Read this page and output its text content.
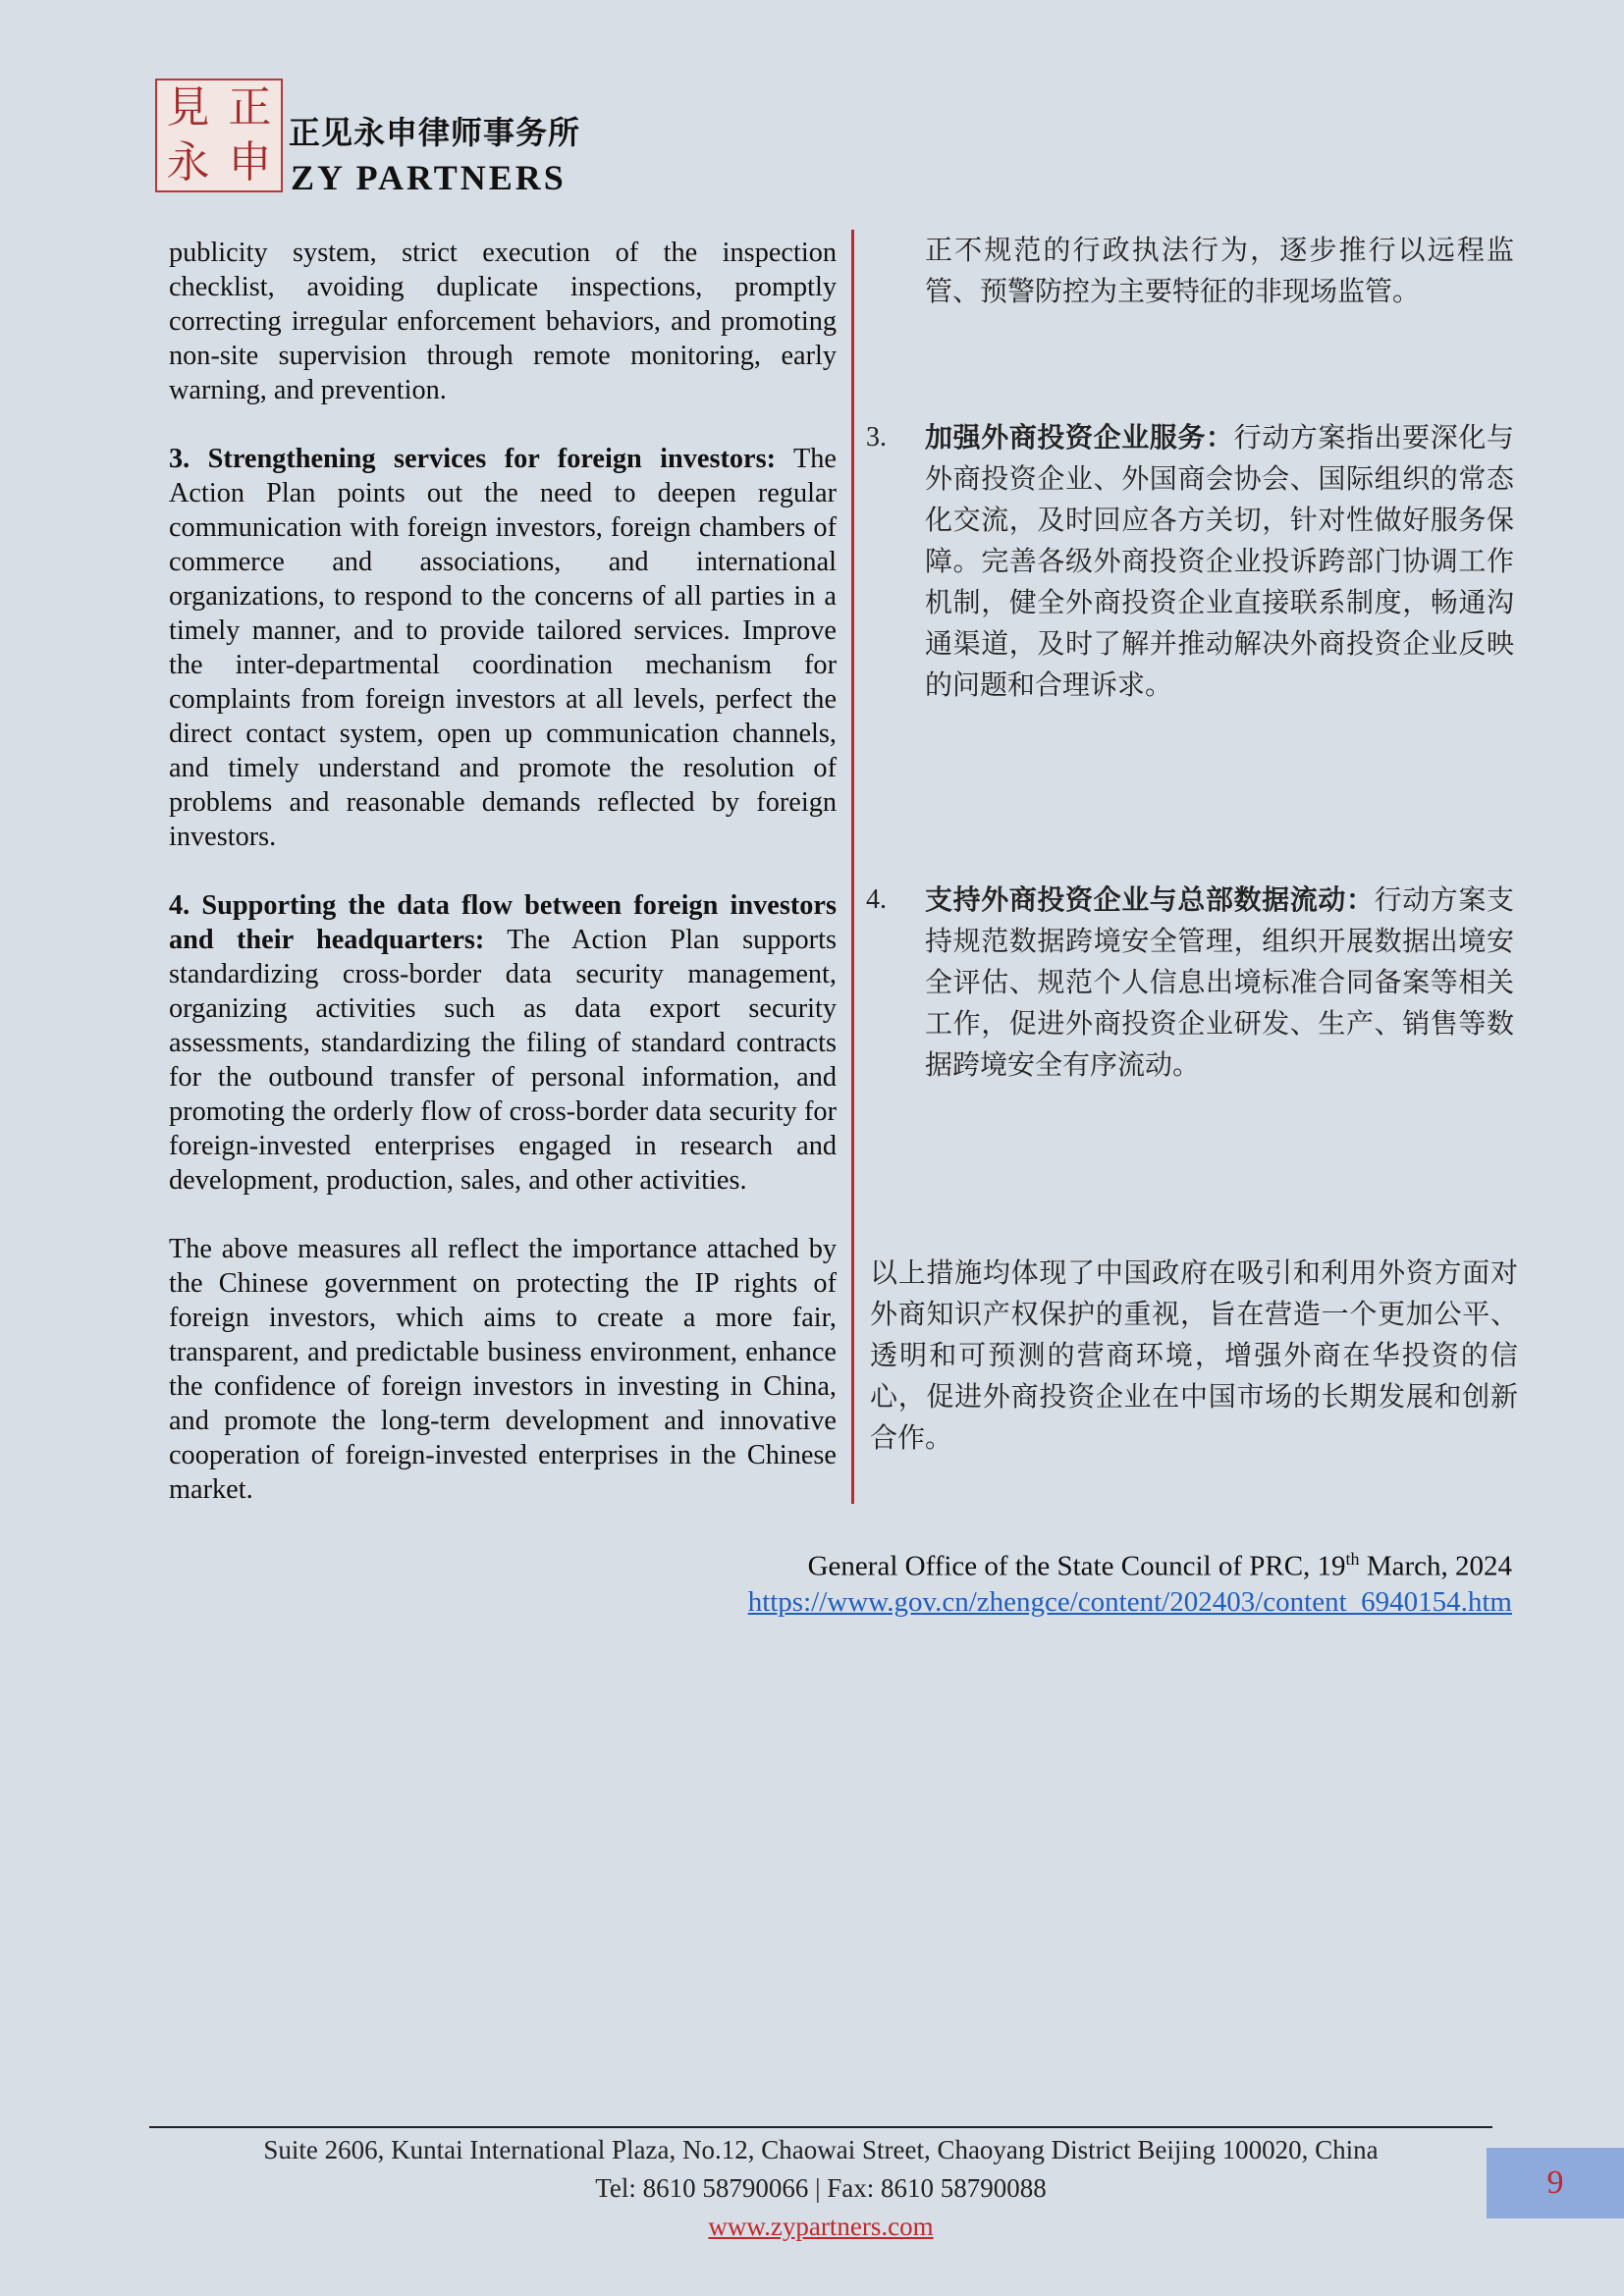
見 正
永 申
正见永申律师事务所
ZY PARTNERS

publicity system, strict execution of the inspection checklist, avoiding duplicate inspections, promptly correcting irregular enforcement behaviors, and promoting non-site supervision through remote monitoring, early warning, and prevention.

3. Strengthening services for foreign investors: The Action Plan points out the need to deepen regular communication with foreign investors, foreign chambers of commerce and associations, and international organizations, to respond to the concerns of all parties in a timely manner, and to provide tailored services. Improve the inter-departmental coordination mechanism for complaints from foreign investors at all levels, perfect the direct contact system, open up communication channels, and timely understand and promote the resolution of problems and reasonable demands reflected by foreign investors.

4. Supporting the data flow between foreign investors and their headquarters: The Action Plan supports standardizing cross-border data security management, organizing activities such as data export security assessments, standardizing the filing of standard contracts for the outbound transfer of personal information, and promoting the orderly flow of cross-border data security for foreign-invested enterprises engaged in research and development, production, sales, and other activities.

The above measures all reflect the importance attached by the Chinese government on protecting the IP rights of foreign investors, which aims to create a more fair, transparent, and predictable business environment, enhance the confidence of foreign investors in investing in China, and promote the long-term development and innovative cooperation of foreign-invested enterprises in the Chinese market.

正不规范的行政执法行为，逐步推行以远程监管、预警防控为主要特征的非现场监管。
3. 加强外商投资企业服务：行动方案指出要深化与外商投资企业、外国商会协会、国际组织的常态化交流，及时回应各方关切，针对性做好服务保障。完善各级外商投资企业投诉跨部门协调工作机制，健全外商投资企业直接联系制度，畅通沟通渠道，及时了解并推动解决外商投资企业反映的问题和合理诉求。
4. 支持外商投资企业与总部数据流动：行动方案支持规范数据跨境安全管理，组织开展数据出境安全评估、规范个人信息出境标准合同备案等相关工作，促进外商投资企业研发、生产、销售等数据跨境安全有序流动。
以上措施均体现了中国政府在吸引和利用外资方面对外商知识产权保护的重视，旨在营造一个更加公平、透明和可预测的营商环境，增强外商在华投资的信心，促进外商投资企业在中国市场的长期发展和创新合作。
General Office of the State Council of PRC, 19th March, 2024
https://www.gov.cn/zhengce/content/202403/content_6940154.htm
Suite 2606, Kuntai International Plaza, No.12, Chaowai Street, Chaoyang District Beijing 100020, China
Tel: 8610 58790066 | Fax: 8610 58790088
www.zypartners.com
9
